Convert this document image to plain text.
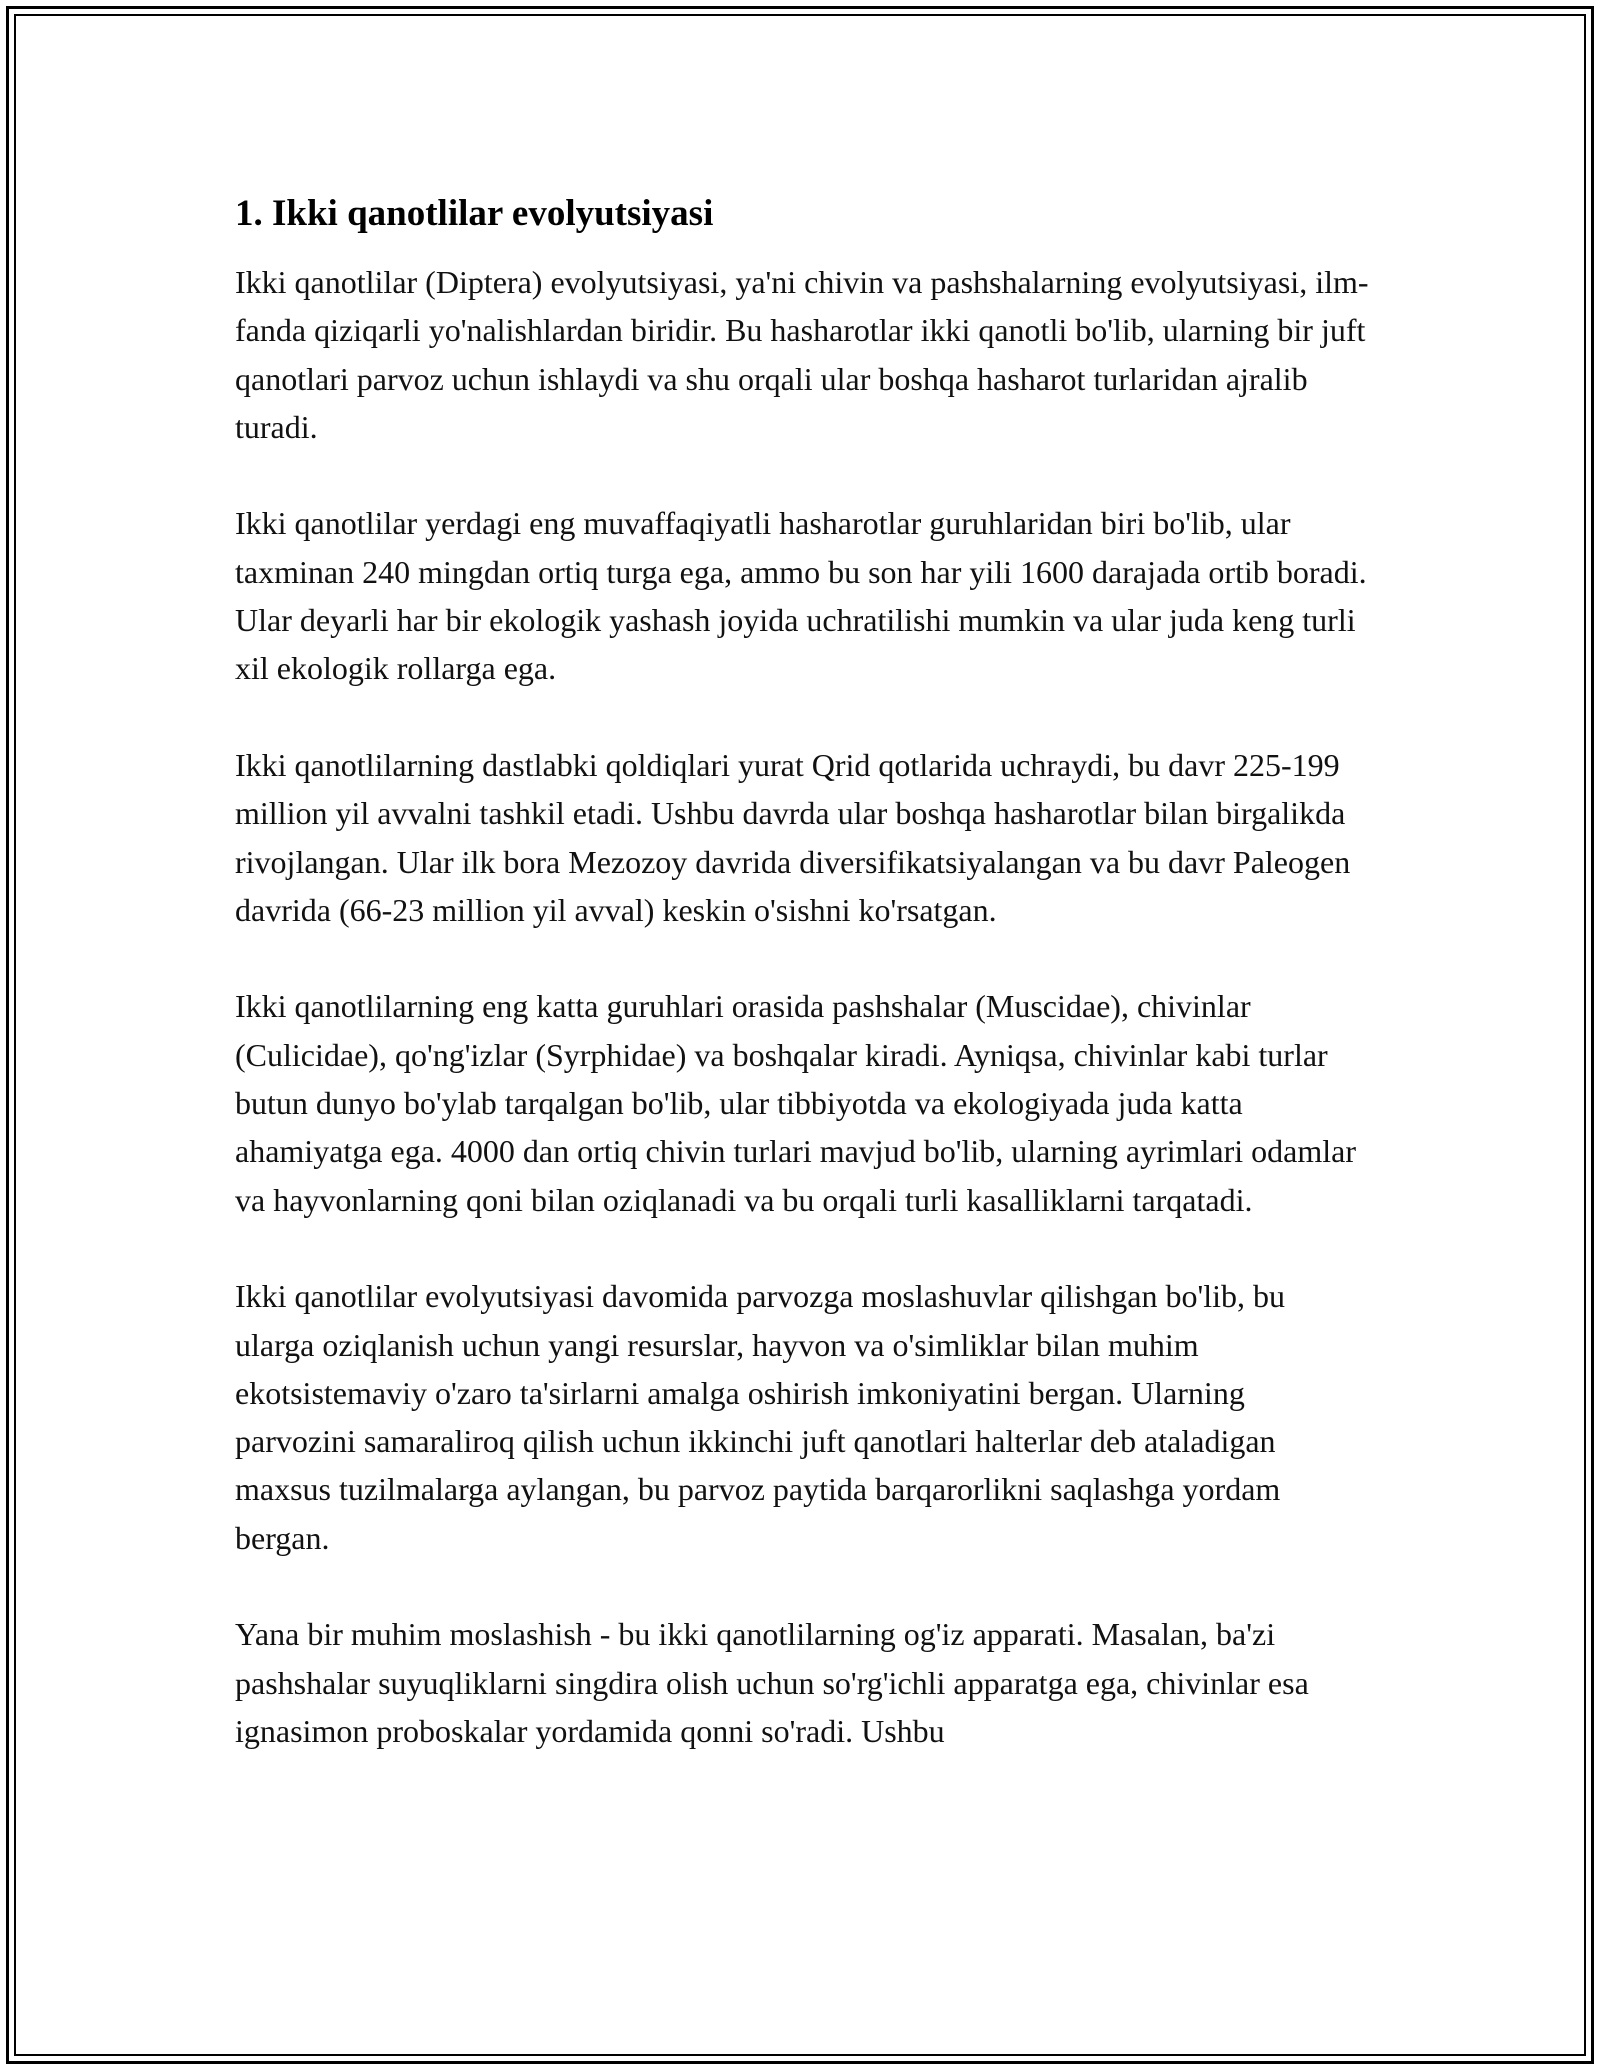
1. Ikki qanotlilar evolyutsiyasi

Ikki qanotlilar (Diptera) evolyutsiyasi, ya'ni chivin va pashshalarning evolyutsiyasi, ilm-fanda qiziqarli yo'nalishlardan biridir. Bu hasharotlar ikki qanotli bo'lib, ularning bir juft qanotlari parvoz uchun ishlaydi va shu orqali ular boshqa hasharot turlaridan ajralib turadi.

Ikki qanotlilar yerdagi eng muvaffaqiyatli hasharotlar guruhlaridan biri bo'lib, ular taxminan 240 mingdan ortiq turga ega, ammo bu son har yili 1600 darajada ortib boradi. Ular deyarli har bir ekologik yashash joyida uchratilishi mumkin va ular juda keng turli xil ekologik rollarga ega.

Ikki qanotlilarning dastlabki qoldiqlari yurat Qrid qotlarida uchraydi, bu davr 225-199 million yil avvalni tashkil etadi. Ushbu davrda ular boshqa hasharotlar bilan birgalikda rivojlangan. Ular ilk bora Mezozoy davrida diversifikatsiyalangan va bu davr Paleogen davrida (66-23 million yil avval) keskin o'sishni ko'rsatgan.

Ikki qanotlilarning eng katta guruhlari orasida pashshalar (Muscidae), chivinlar (Culicidae), qo'ng'izlar (Syrphidae) va boshqalar kiradi. Ayniqsa, chivinlar kabi turlar butun dunyo bo'ylab tarqalgan bo'lib, ular tibbiyotda va ekologiyada juda katta ahamiyatga ega. 4000 dan ortiq chivin turlari mavjud bo'lib, ularning ayrimlari odamlar va hayvonlarning qoni bilan oziqlanadi va bu orqali turli kasalliklarni tarqatadi.

Ikki qanotlilar evolyutsiyasi davomida parvozga moslashuvlar qilishgan bo'lib, bu ularga oziqlanish uchun yangi resurslar, hayvon va o'simliklar bilan muhim ekotsistemaviy o'zaro ta'sirlarni amalga oshirish imkoniyatini bergan. Ularning parvozini samaraliroq qilish uchun ikkinchi juft qanotlari halterlar deb ataladigan maxsus tuzilmalarga aylangan, bu parvoz paytida barqarorlikni saqlashga yordam bergan.

Yana bir muhim moslashish - bu ikki qanotlilarning og'iz apparati. Masalan, ba'zi pashshalar suyuqliklarni singdira olish uchun so'rg'ichli apparatga ega, chivinlar esa ignasimon proboskalar yordamida qonni so'radi. Ushbu
